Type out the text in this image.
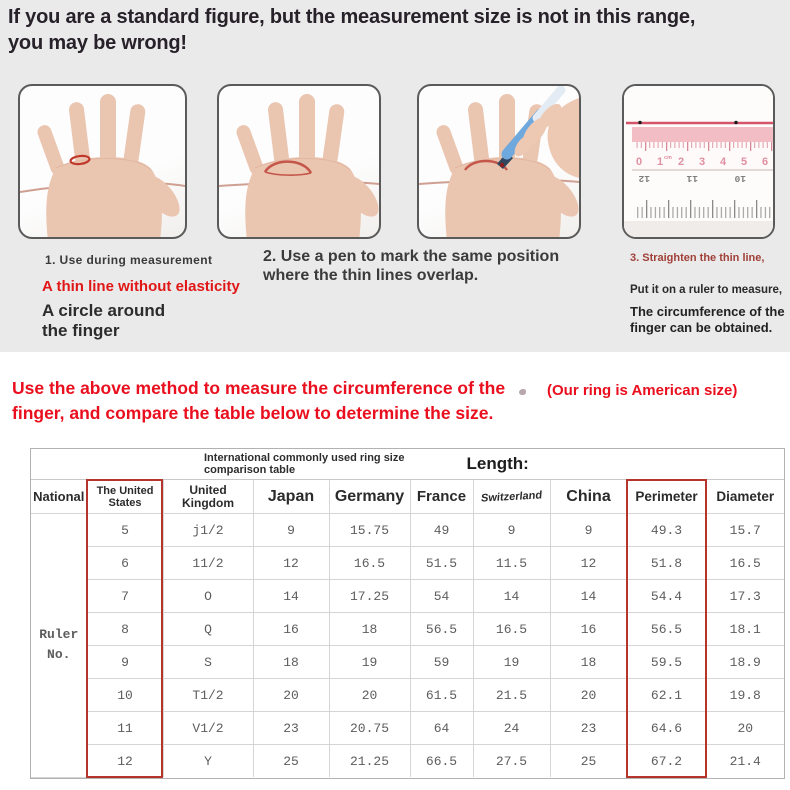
If you are a standard figure, but the measurement size is not in this range,
you may be wrong!
0 1 cm 2 3 4 5 6
12	11	10
1. Use during measurement
A thin line without elasticity
A circle around
the finger
2. Use a pen to mark the same position
where the thin lines overlap.
3. Straighten the thin line,
Put it on a ruler to measure,
The circumference of the
finger can be obtained.
Use the above method to measure the circumference of the
finger, and compare the table below to determine the size.
(Our ring is American size)
International commonly used ring size
comparison table	Length:
National	The United States	United Kingdom	Japan	Germany	France	Switzerland	China	Perimeter	Diameter

Ruler
No.	5	j1/2	9	15.75	49	9	9	49.3	15.7
	6	11/2	12	16.5	51.5	11.5	12	51.8	16.5
	7	O	14	17.25	54	14	14	54.4	17.3
	8	Q	16	18	56.5	16.5	16	56.5	18.1
	9	S	18	19	59	19	18	59.5	18.9
	10	T1/2	20	20	61.5	21.5	20	62.1	19.8
	11	V1/2	23	20.75	64	24	23	64.6	20
	12	Y	25	21.25	66.5	27.5	25	67.2	21.4
